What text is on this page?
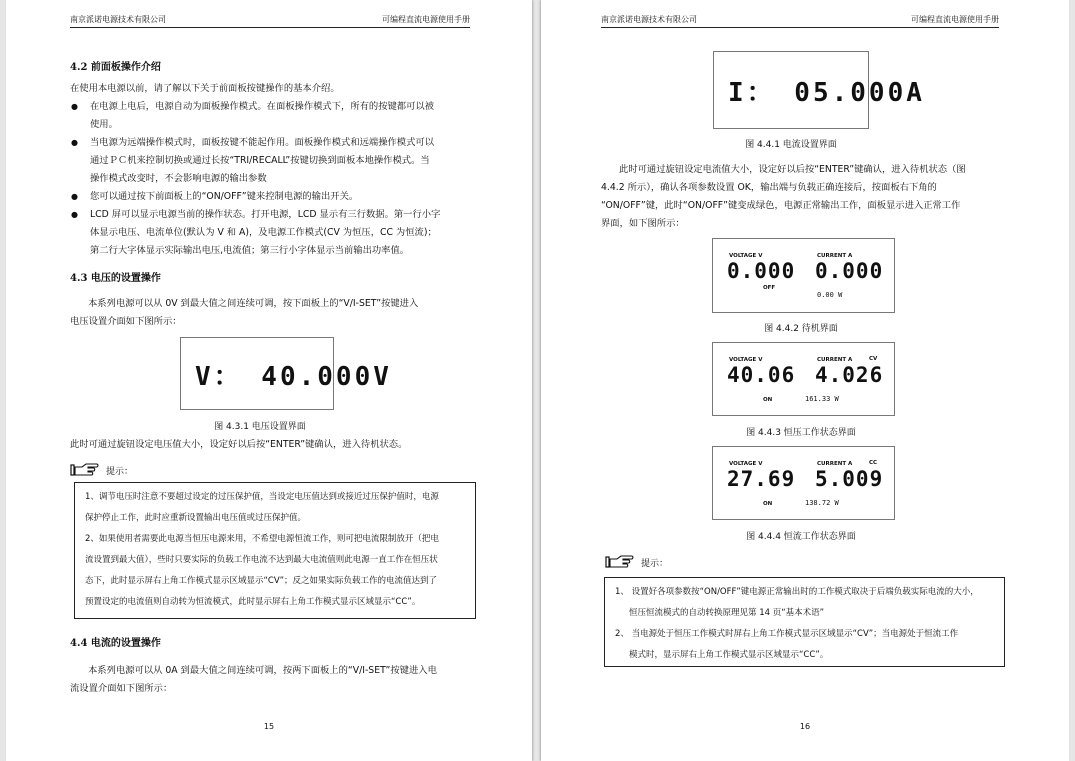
南京派诺电源技术有限公司	可编程直流电源使用手册
4.2 前面板操作介绍
在使用本电源以前，请了解以下关于前面板按键操作的基本介绍。
● 在电源上电后，电源自动为面板操作模式。在面板操作模式下，所有的按键都可以被
使用。
● 当电源为远端操作模式时，面板按键不能起作用。面板操作模式和远端操作模式可以
通过ＰＣ机来控制切换或通过长按“TRI/RECALL”按键切换到面板本地操作模式。当
操作模式改变时，不会影响电源的输出参数
● 您可以通过按下前面板上的“ON/OFF”键来控制电源的输出开关。
● LCD 屏可以显示电源当前的操作状态。打开电源，LCD 显示有三行数据。第一行小字
体显示电压、电流单位(默认为 V 和 A)，及电源工作模式(CV 为恒压，CC 为恒流)；
第二行大字体显示实际输出电压,电流值；第三行小字体显示当前输出功率值。
4.3 电压的设置操作
本系列电源可以从 0V 到最大值之间连续可调，按下面板上的“V/I-SET”按键进入
电压设置介面如下图所示：
V： 40.000V
图 4.3.1 电压设置界面
此时可通过旋钮设定电压值大小，设定好以后按“ENTER”键确认，进入待机状态。
提示：

1、调节电压时注意不要超过设定的过压保护值，当设定电压值达到或接近过压保护值时，电源

保护停止工作，此时应重新设置输出电压值或过压保护值。

2、如果使用者需要此电源当恒压电源来用，不希望电源恒流工作，则可把电流限制放开（把电

流设置到最大值），些时只要实际的负载工作电流不达到最大电流值则此电源一直工作在恒压状

态下，此时显示屏右上角工作模式显示区域显示“CV”；反之如果实际负载工作的电流值达到了

预置设定的电流值则自动转为恒流模式，此时显示屏右上角工作模式显示区域显示“CC”。

4.4 电流的设置操作
本系列电源可以从 0A 到最大值之间连续可调，按两下面板上的“V/I-SET”按键进入电
流设置介面如下图所示：
15
南京派诺电源技术有限公司	可编程直流电源使用手册
I： 05.000A
图 4.4.1 电流设置界面
此时可通过旋钮设定电流值大小，设定好以后按“ENTER”键确认，进入待机状态（图
4.4.2 所示），确认各项参数设置 OK，输出端与负载正确连接后，按面板右下角的
“ON/OFF”键，此时“ON/OFF”键变成绿色，电源正常输出工作，面板显示进入正常工作
界面，如下图所示：
VOLTAGE V	CURRENT A
0.000 0.000
OFF
0.00 W
图 4.4.2 待机界面
VOLTAGE V	CURRENT A	CV
40.06 4.026
ON	161.33 W
图 4.4.3 恒压工作状态界面
VOLTAGE V	CURRENT A	CC
27.69 5.009
ON	138.72 W
图 4.4.4 恒流工作状态界面
提示：

1、 设置好各项参数按“ON/OFF”键电源正常输出时的工作模式取决于后端负载实际电流的大小，

恒压恒流模式的自动转换原理见第 14 页“基本术语”

2、 当电源处于恒压工作模式时屏右上角工作模式显示区域显示“CV”；当电源处于恒流工作

模式时，显示屏右上角工作模式显示区域显示“CC”。

16
